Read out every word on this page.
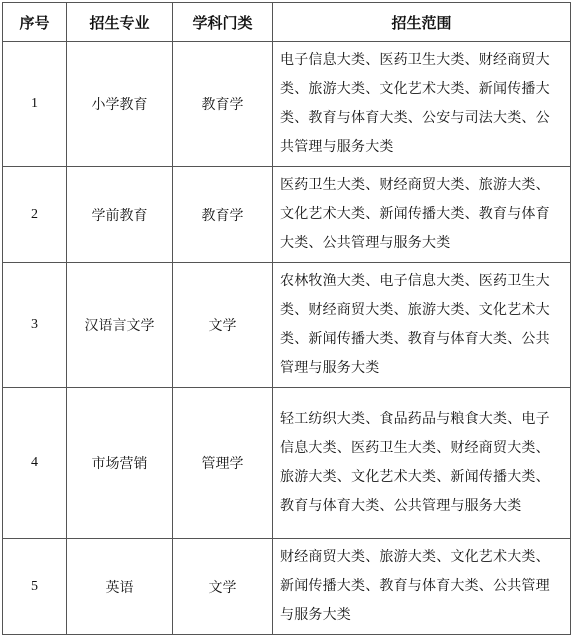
序号	招生专业	学科门类	招生范围
1	小学教育	教育学	电子信息大类、医药卫生大类、财经商贸大类、旅游大类、文化艺术大类、新闻传播大类、教育与体育大类、公安与司法大类、公共管理与服务大类
2	学前教育	教育学	医药卫生大类、财经商贸大类、旅游大类、文化艺术大类、新闻传播大类、教育与体育大类、公共管理与服务大类
3	汉语言文学	文学	农林牧渔大类、电子信息大类、医药卫生大类、财经商贸大类、旅游大类、文化艺术大类、新闻传播大类、教育与体育大类、公共管理与服务大类
4	市场营销	管理学	轻工纺织大类、食品药品与粮食大类、电子信息大类、医药卫生大类、财经商贸大类、旅游大类、文化艺术大类、新闻传播大类、教育与体育大类、公共管理与服务大类
5	英语	文学	财经商贸大类、旅游大类、文化艺术大类、新闻传播大类、教育与体育大类、公共管理与服务大类
